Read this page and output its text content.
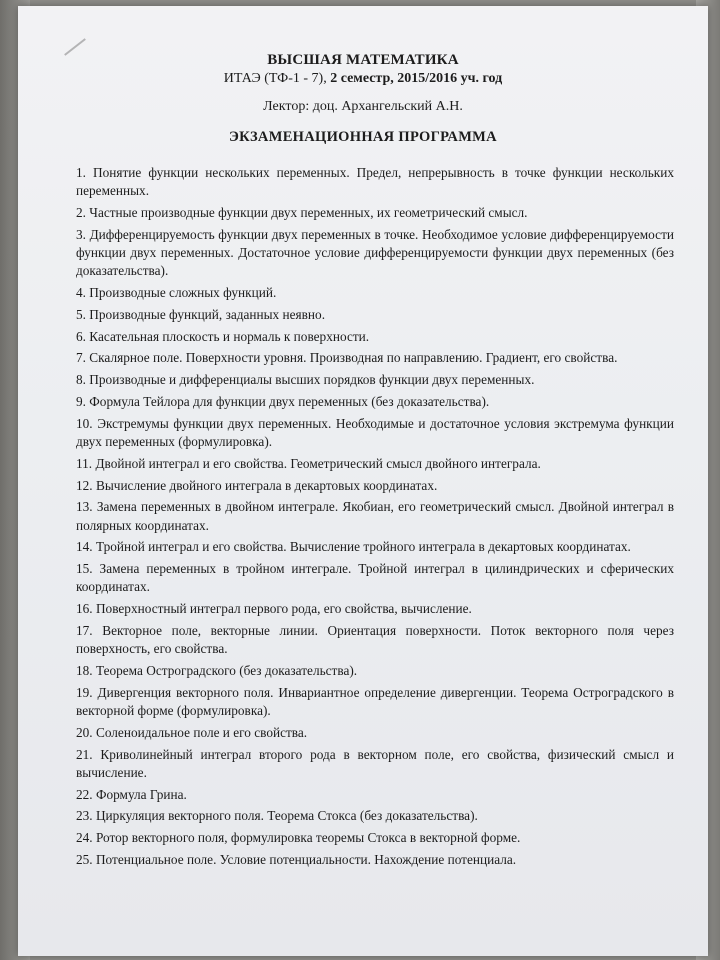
ВЫСШАЯ МАТЕМАТИКА

ИТАЭ (ТФ-1 - 7), 2 семестр, 2015/2016 уч. год

Лектор: доц. Архангельский А.Н.
ЭКЗАМЕНАЦИОННАЯ ПРОГРАММА
1. Понятие функции нескольких переменных. Предел, непрерывность в точке функции нескольких переменных.
2. Частные производные функции двух переменных, их геометрический смысл.
3. Дифференцируемость функции двух переменных в точке. Необходимое условие дифференцируемости функции двух переменных. Достаточное условие дифференцируемости функции двух переменных (без доказательства).
4. Производные сложных функций.
5. Производные функций, заданных неявно.
6. Касательная плоскость и нормаль к поверхности.
7. Скалярное поле. Поверхности уровня. Производная по направлению. Градиент, его свойства.
8. Производные и дифференциалы высших порядков функции двух переменных.
9. Формула Тейлора для функции двух переменных (без доказательства).
10. Экстремумы функции двух переменных. Необходимые и достаточное условия экстремума функции двух переменных (формулировка).
11. Двойной интеграл и его свойства. Геометрический смысл двойного интеграла.
12. Вычисление двойного интеграла в декартовых координатах.
13. Замена переменных в двойном интеграле. Якобиан, его геометрический смысл. Двойной интеграл в полярных координатах.
14. Тройной интеграл и его свойства. Вычисление тройного интеграла в декартовых координатах.
15. Замена переменных в тройном интеграле. Тройной интеграл в цилиндрических и сферических координатах.
16. Поверхностный интеграл первого рода, его свойства, вычисление.
17. Векторное поле, векторные линии. Ориентация поверхности. Поток векторного поля через поверхность, его свойства.
18. Теорема Остроградского (без доказательства).
19. Дивергенция векторного поля. Инвариантное определение дивергенции. Теорема Остроградского в векторной форме (формулировка).
20. Соленоидальное поле и его свойства.
21. Криволинейный интеграл второго рода в векторном поле, его свойства, физический смысл и вычисление.
22. Формула Грина.
23. Циркуляция векторного поля. Теорема Стокса (без доказательства).
24. Ротор векторного поля, формулировка теоремы Стокса в векторной форме.
25. Потенциальное поле. Условие потенциальности. Нахождение потенциала.
